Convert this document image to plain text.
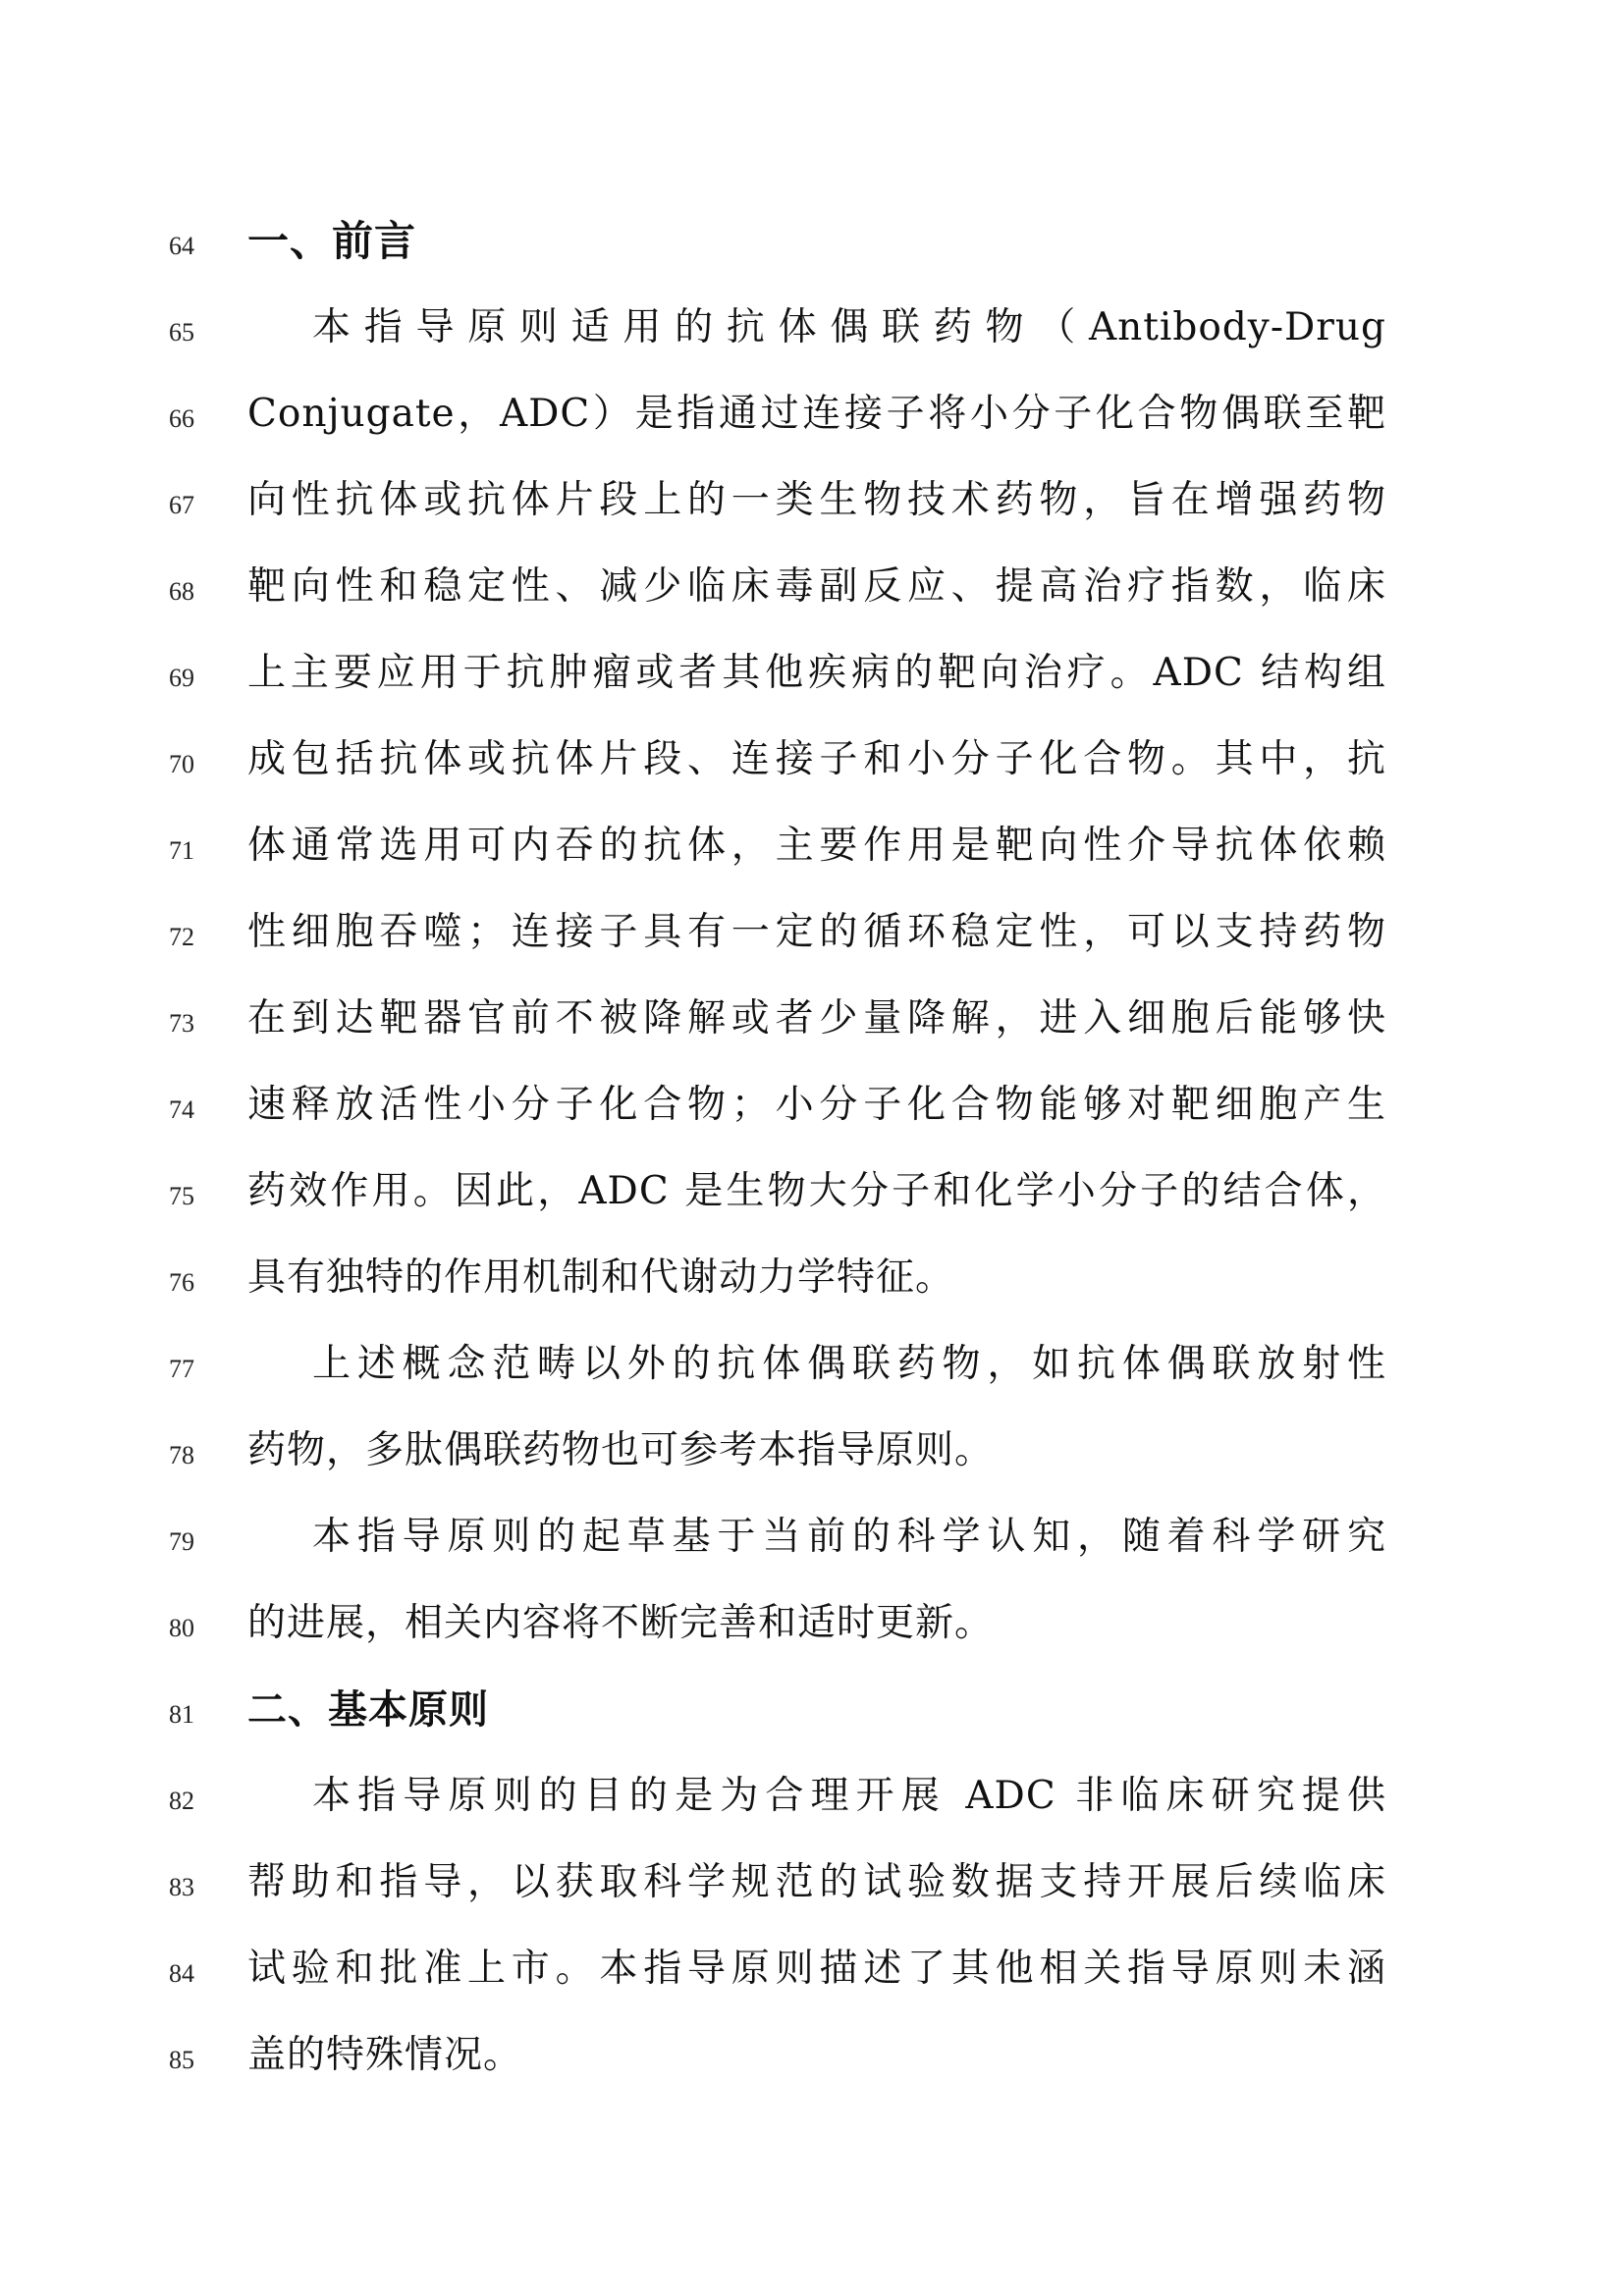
64	一、前言
65	本指导原则适用的抗体偶联药物（Antibody-Drug
66	Conjugate，ADC）是指通过连接子将小分子化合物偶联至靶
67	向性抗体或抗体片段上的一类生物技术药物，旨在增强药物
68	靶向性和稳定性、减少临床毒副反应、提高治疗指数，临床
69	上主要应用于抗肿瘤或者其他疾病的靶向治疗。ADC 结构组
70	成包括抗体或抗体片段、连接子和小分子化合物。其中，抗
71	体通常选用可内吞的抗体，主要作用是靶向性介导抗体依赖
72	性细胞吞噬；连接子具有一定的循环稳定性，可以支持药物
73	在到达靶器官前不被降解或者少量降解，进入细胞后能够快
74	速释放活性小分子化合物；小分子化合物能够对靶细胞产生
75	药效作用。因此，ADC 是生物大分子和化学小分子的结合体，
76	具有独特的作用机制和代谢动力学特征。
77	上述概念范畴以外的抗体偶联药物，如抗体偶联放射性
78	药物，多肽偶联药物也可参考本指导原则。
79	本指导原则的起草基于当前的科学认知，随着科学研究
80	的进展，相关内容将不断完善和适时更新。
81	二、基本原则
82	本指导原则的目的是为合理开展 ADC 非临床研究提供
83	帮助和指导，以获取科学规范的试验数据支持开展后续临床
84	试验和批准上市。本指导原则描述了其他相关指导原则未涵
85	盖的特殊情况。
